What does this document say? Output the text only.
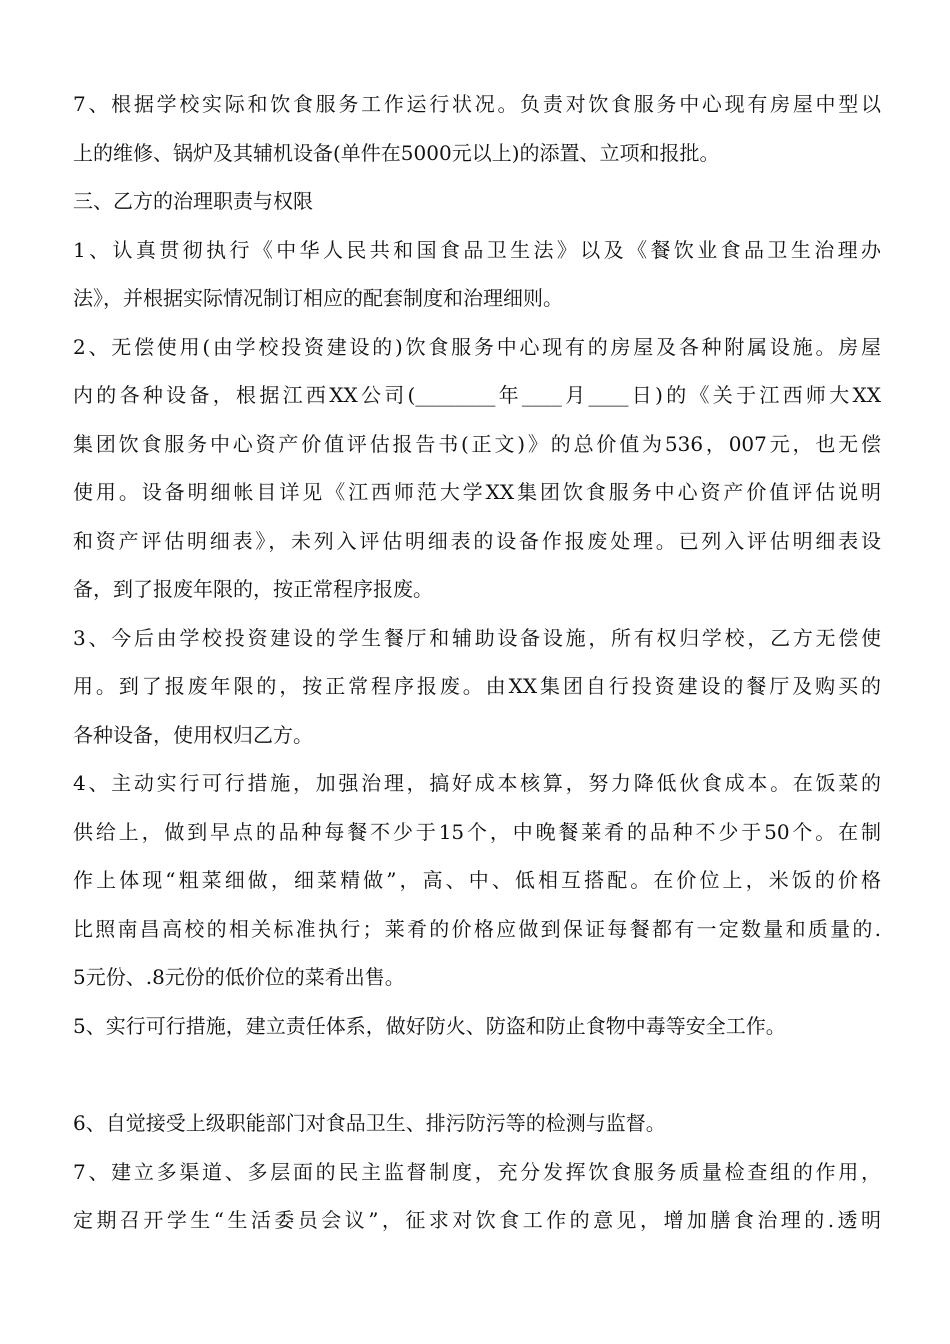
7、根据学校实际和饮食服务工作运行状况。负责对饮食服务中心现有房屋中型以
上的维修、锅炉及其辅机设备(单件在5000元以上)的添置、立项和报批。
三、乙方的治理职责与权限
1、认真贯彻执行《中华人民共和国食品卫生法》以及《餐饮业食品卫生治理办
法》，并根据实际情况制订相应的配套制度和治理细则。
2、无偿使用(由学校投资建设的)饮食服务中心现有的房屋及各种附属设施。房屋
内的各种设备，根据江西XX公司(________年____月____日)的《关于江西师大XX
集团饮食服务中心资产价值评估报告书(正文)》的总价值为536，007元，也无偿
使用。设备明细帐目详见《江西师范大学XX集团饮食服务中心资产价值评估说明
和资产评估明细表》，未列入评估明细表的设备作报废处理。已列入评估明细表设
备，到了报废年限的，按正常程序报废。
3、今后由学校投资建设的学生餐厅和辅助设备设施，所有权归学校，乙方无偿使
用。到了报废年限的，按正常程序报废。由XX集团自行投资建设的餐厅及购买的
各种设备，使用权归乙方。
4、主动实行可行措施，加强治理，搞好成本核算，努力降低伙食成本。在饭菜的
供给上，做到早点的品种每餐不少于15个，中晚餐莱肴的品种不少于50个。在制
作上体现“粗菜细做，细菜精做”，高、中、低相互搭配。在价位上，米饭的价格
比照南昌高校的相关标准执行；莱肴的价格应做到保证每餐都有一定数量和质量的.
5元份、.8元份的低价位的菜肴出售。
5、实行可行措施，建立责任体系，做好防火、防盗和防止食物中毒等安全工作。
6、自觉接受上级职能部门对食品卫生、排污防污等的检测与监督。
7、建立多渠道、多层面的民主监督制度，充分发挥饮食服务质量检查组的作用，
定期召开学生“生活委员会议”，征求对饮食工作的意见，增加膳食治理的.透明
